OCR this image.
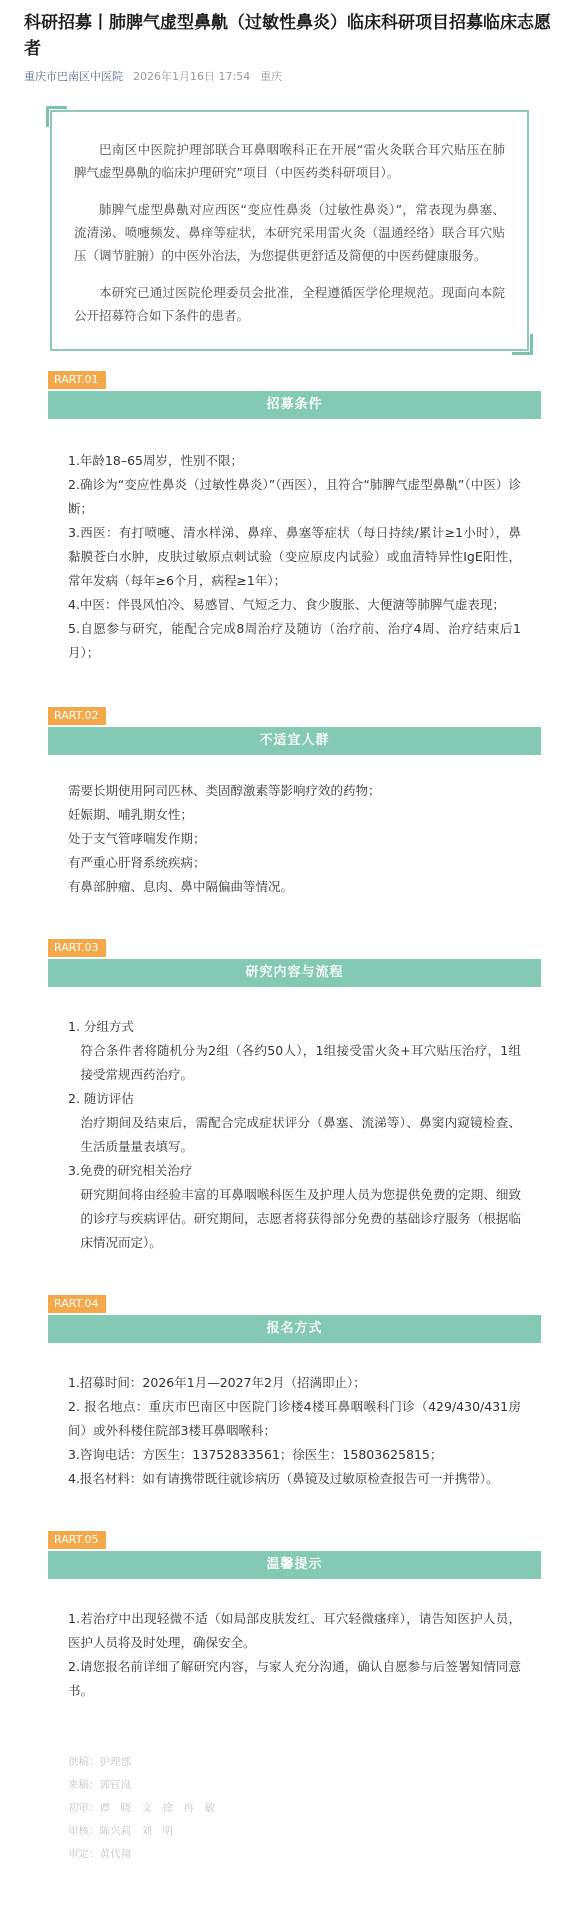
科研招募丨肺脾气虚型鼻鼽（过敏性鼻炎）临床科研项目招募临床志愿者
重庆市巴南区中医院 2026年1月16日 17:54 重庆

巴南区中医院护理部联合耳鼻咽喉科正在开展“雷火灸联合耳穴贴压在肺脾气虚型鼻鼽的临床护理研究”项目（中医药类科研项目）。

肺脾气虚型鼻鼽对应西医“变应性鼻炎（过敏性鼻炎）”，常表现为鼻塞、流清涕、喷嚏频发、鼻痒等症状，本研究采用雷火灸（温通经络）联合耳穴贴压（调节脏腑）的中医外治法，为您提供更舒适及简便的中医药健康服务。

本研究已通过医院伦理委员会批准，全程遵循医学伦理规范。现面向本院公开招募符合如下条件的患者。

RART.01
招募条件
1.年龄18–65周岁，性别不限；
2.确诊为“变应性鼻炎（过敏性鼻炎）”（西医），且符合“肺脾气虚型鼻鼽”（中医）诊断；
3.西医：有打喷嚏、清水样涕、鼻痒、鼻塞等症状（每日持续/累计≥1小时），鼻黏膜苍白水肿，皮肤过敏原点刺试验（变应原皮内试验）或血清特异性IgE阳性，常年发病（每年≥6个月，病程≥1年）；
4.中医：伴畏风怕冷、易感冒、气短乏力、食少腹胀、大便溏等肺脾气虚表现；
5.自愿参与研究，能配合完成8周治疗及随访（治疗前、治疗4周、治疗结束后1月）；
RART.02
不适宜人群
需要长期使用阿司匹林、类固醇激素等影响疗效的药物；
妊娠期、哺乳期女性；
处于支气管哮喘发作期；
有严重心肝肾系统疾病；
有鼻部肿瘤、息肉、鼻中隔偏曲等情况。
RART.03
研究内容与流程
1. 分组方式
符合条件者将随机分为2组（各约50人），1组接受雷火灸+耳穴贴压治疗，1组接受常规西药治疗。
2. 随访评估
治疗期间及结束后，需配合完成症状评分（鼻塞、流涕等）、鼻窦内窥镜检查、生活质量量表填写。
3.免费的研究相关治疗
研究期间将由经验丰富的耳鼻咽喉科医生及护理人员为您提供免费的定期、细致的诊疗与疾病评估。研究期间，志愿者将获得部分免费的基础诊疗服务（根据临床情况而定）。
RART.04
报名方式
1.招募时间：2026年1月—2027年2月（招满即止）；
2. 报名地点：重庆市巴南区中医院门诊楼4楼耳鼻咽喉科门诊（429/430/431房间）或外科楼住院部3楼耳鼻咽喉科；
3.咨询电话：方医生：13752833561；徐医生：15803625815；
4.报名材料：如有请携带既往就诊病历（鼻镜及过敏原检查报告可一并携带）。
RART.05
温馨提示
1.若治疗中出现轻微不适（如局部皮肤发红、耳穴轻微瘙痒），请告知医护人员，医护人员将及时处理，确保安全。
2.请您报名前详细了解研究内容，与家人充分沟通，确认自愿参与后签署知情同意书。
供稿：护理部
来稿：郭钰岚
初审：谭　晓　文　徐　冉　敏
审核：陈兴莉　刘　明
审定：黄代翔
